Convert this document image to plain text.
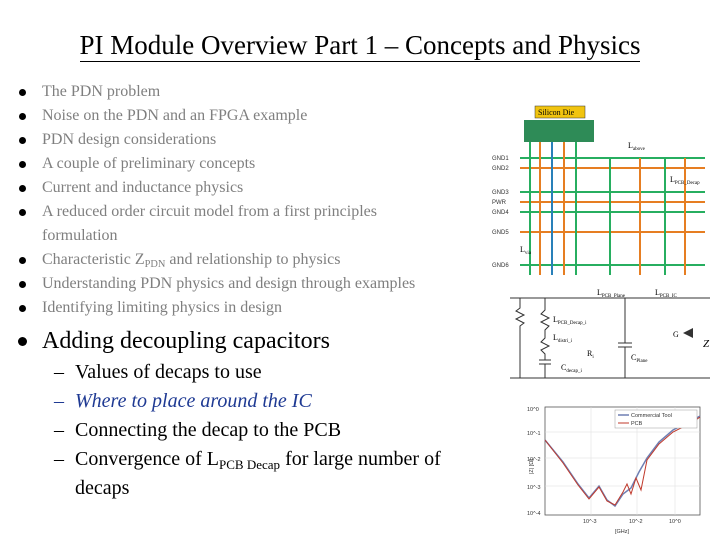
PI Module Overview Part 1 – Concepts and Physics
The PDN problem
Noise on the PDN and an FPGA example
PDN design considerations
A couple of preliminary concepts
Current and inductance physics
A reduced order circuit model from a first principles
formulation
Characteristic $Z_{PDN}$ and relationship to physics
Understanding PDN physics and design through examples
Identifying limiting physics in design
Adding decoupling capacitors
– Values of decaps to use
– Where to place around the IC
– Connecting the decap to the PCB
– Convergence of $L_{PCB Decap}$ for large number of
decaps
Silicon Die
GND1
GND2
GND3
PWR
GND4
GND5
GND6
$L_{above}$
$L_{PCB\_Decap}$
$L_{via}$
$L_{PCB\_Plane}$	$L_{PCB\_IC}$
$L_{PCB\_Decap\_i}$
$L_{distri\_i}$
$R_i$
$C_{decap\_i}$
$C_{Plane}$
G
Z
Commercial Tool
PCB
10^0
10^-1
10^-2
10^-3
10^-4
10^-3	10^-2	10^0
[GHz]
|Z| [Ω]
